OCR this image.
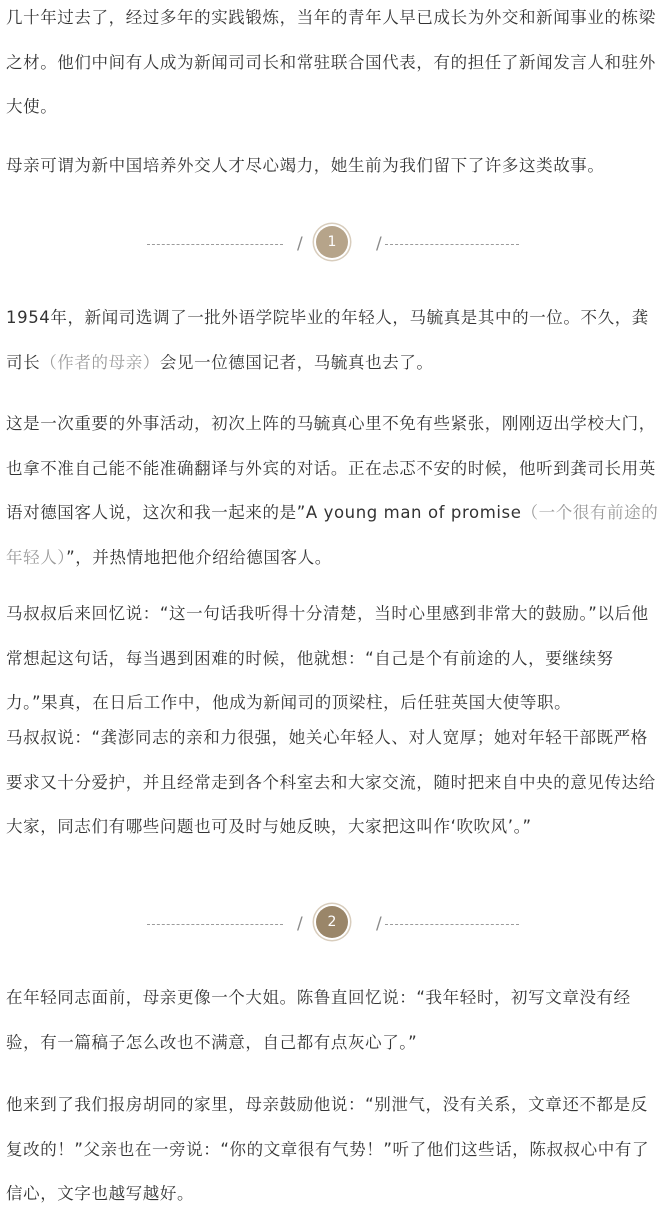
几十年过去了，经过多年的实践锻炼，当年的青年人早已成长为外交和新闻事业的栋梁之材。他们中间有人成为新闻司司长和常驻联合国代表，有的担任了新闻发言人和驻外大使。

母亲可谓为新中国培养外交人才尽心竭力，她生前为我们留下了许多这类故事。

/	1	/

1954年，新闻司选调了一批外语学院毕业的年轻人，马毓真是其中的一位。不久，龚司长（作者的母亲）会见一位德国记者，马毓真也去了。

这是一次重要的外事活动，初次上阵的马毓真心里不免有些紧张，刚刚迈出学校大门，也拿不准自己能不能准确翻译与外宾的对话。正在忐忑不安的时候，他听到龚司长用英语对德国客人说，这次和我一起来的是”A young man of promise（一个很有前途的年轻人）”，并热情地把他介绍给德国客人。

马叔叔后来回忆说：“这一句话我听得十分清楚，当时心里感到非常大的鼓励。”以后他常想起这句话，每当遇到困难的时候，他就想：“自己是个有前途的人，要继续努力。”果真，在日后工作中，他成为新闻司的顶梁柱，后任驻英国大使等职。

马叔叔说：“龚澎同志的亲和力很强，她关心年轻人、对人宽厚；她对年轻干部既严格要求又十分爱护，并且经常走到各个科室去和大家交流，随时把来自中央的意见传达给大家，同志们有哪些问题也可及时与她反映，大家把这叫作‘吹吹风’。”

/	2	/

在年轻同志面前，母亲更像一个大姐。陈鲁直回忆说：“我年轻时，初写文章没有经验，有一篇稿子怎么改也不满意，自己都有点灰心了。”

他来到了我们报房胡同的家里，母亲鼓励他说：“别泄气，没有关系，文章还不都是反复改的！”父亲也在一旁说：“你的文章很有气势！”听了他们这些话，陈叔叔心中有了信心，文字也越写越好。
